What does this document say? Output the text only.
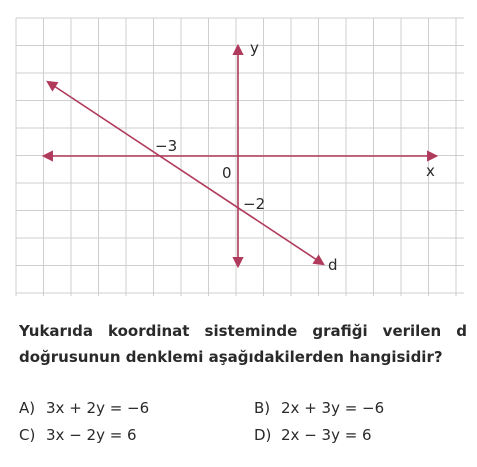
y
x
0
−3
−2
d
Yukarıda koordinat sisteminde grafiği verilen d
doğrusunun denklemi aşağıdakilerden hangisidir?
A) 3x + 2y = −6	B) 2x + 3y = −6
C) 3x − 2y = 6	D) 2x − 3y = 6
